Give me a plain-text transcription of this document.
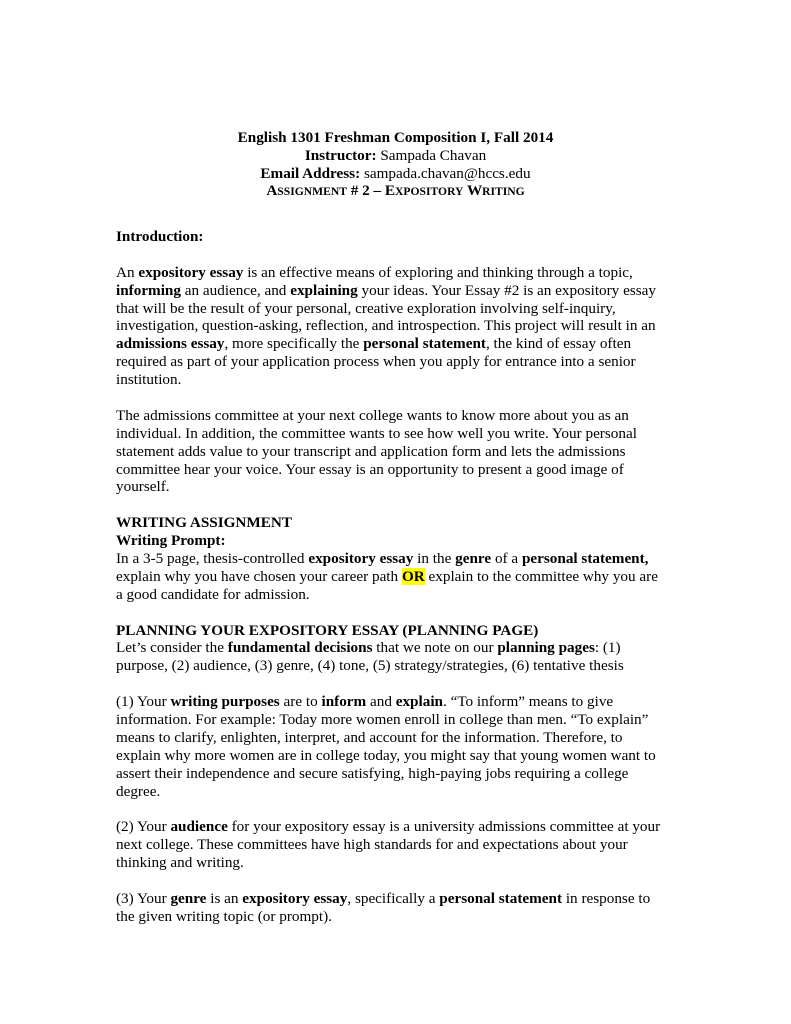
English 1301 Freshman Composition I, Fall 2014
Instructor: Sampada Chavan
Email Address: sampada.chavan@hccs.edu
ASSIGNMENT # 2 – EXPOSITORY WRITING
Introduction:
An expository essay is an effective means of exploring and thinking through a topic,
informing an audience, and explaining your ideas. Your Essay #2 is an expository essay
that will be the result of your personal, creative exploration involving self-inquiry,
investigation, question-asking, reflection, and introspection. This project will result in an
admissions essay, more specifically the personal statement, the kind of essay often
required as part of your application process when you apply for entrance into a senior
institution.
The admissions committee at your next college wants to know more about you as an
individual. In addition, the committee wants to see how well you write. Your personal
statement adds value to your transcript and application form and lets the admissions
committee hear your voice. Your essay is an opportunity to present a good image of
yourself.
WRITING ASSIGNMENT
Writing Prompt:
In a 3-5 page, thesis-controlled expository essay in the genre of a personal statement,
explain why you have chosen your career path OR explain to the committee why you are
a good candidate for admission.
PLANNING YOUR EXPOSITORY ESSAY (PLANNING PAGE)
Let’s consider the fundamental decisions that we note on our planning pages: (1)
purpose, (2) audience, (3) genre, (4) tone, (5) strategy/strategies, (6) tentative thesis
(1) Your writing purposes are to inform and explain. “To inform” means to give
information. For example: Today more women enroll in college than men. “To explain”
means to clarify, enlighten, interpret, and account for the information. Therefore, to
explain why more women are in college today, you might say that young women want to
assert their independence and secure satisfying, high-paying jobs requiring a college
degree.
(2) Your audience for your expository essay is a university admissions committee at your
next college. These committees have high standards for and expectations about your
thinking and writing.
(3) Your genre is an expository essay, specifically a personal statement in response to
the given writing topic (or prompt).
